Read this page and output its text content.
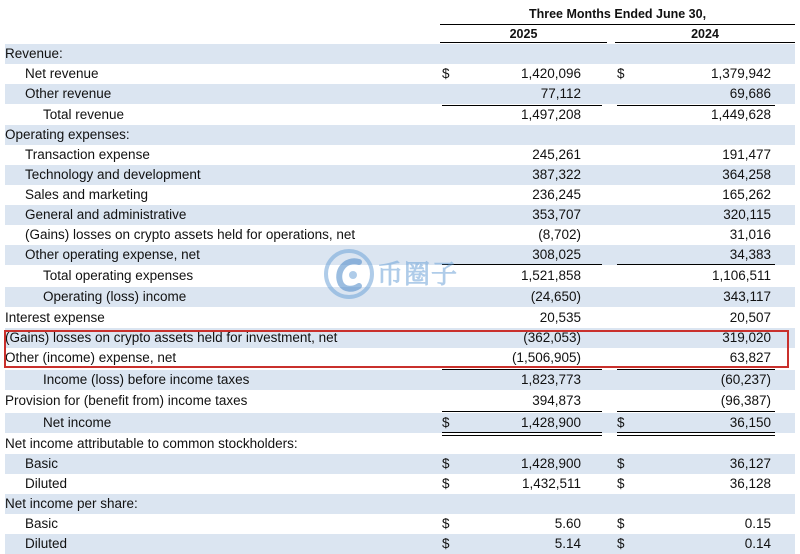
Three Months Ended June 30,
2025	2024
Revenue:
Net revenue	$	1,420,096	$	1,379,942
Other revenue	77,112	69,686
Total revenue	1,497,208	1,449,628
Operating expenses:
Transaction expense	245,261	191,477
Technology and development	387,322	364,258
Sales and marketing	236,245	165,262
General and administrative	353,707	320,115
(Gains) losses on crypto assets held for operations, net	(8,702)	31,016
Other operating expense, net	308,025	34,383
Total operating expenses	1,521,858	1,106,511
Operating (loss) income	(24,650)	343,117
Interest expense	20,535	20,507
(Gains) losses on crypto assets held for investment, net	(362,053)	319,020
Other (income) expense, net	(1,506,905)	63,827
Income (loss) before income taxes	1,823,773	(60,237)
Provision for (benefit from) income taxes	394,873	(96,387)
Net income	$	1,428,900	$	36,150
Net income attributable to common stockholders:
Basic	$	1,428,900	$	36,127
Diluted	$	1,432,511	$	36,128
Net income per share:
Basic	$	5.60	$	0.15
Diluted	$	5.14	$	0.14
币圈子
